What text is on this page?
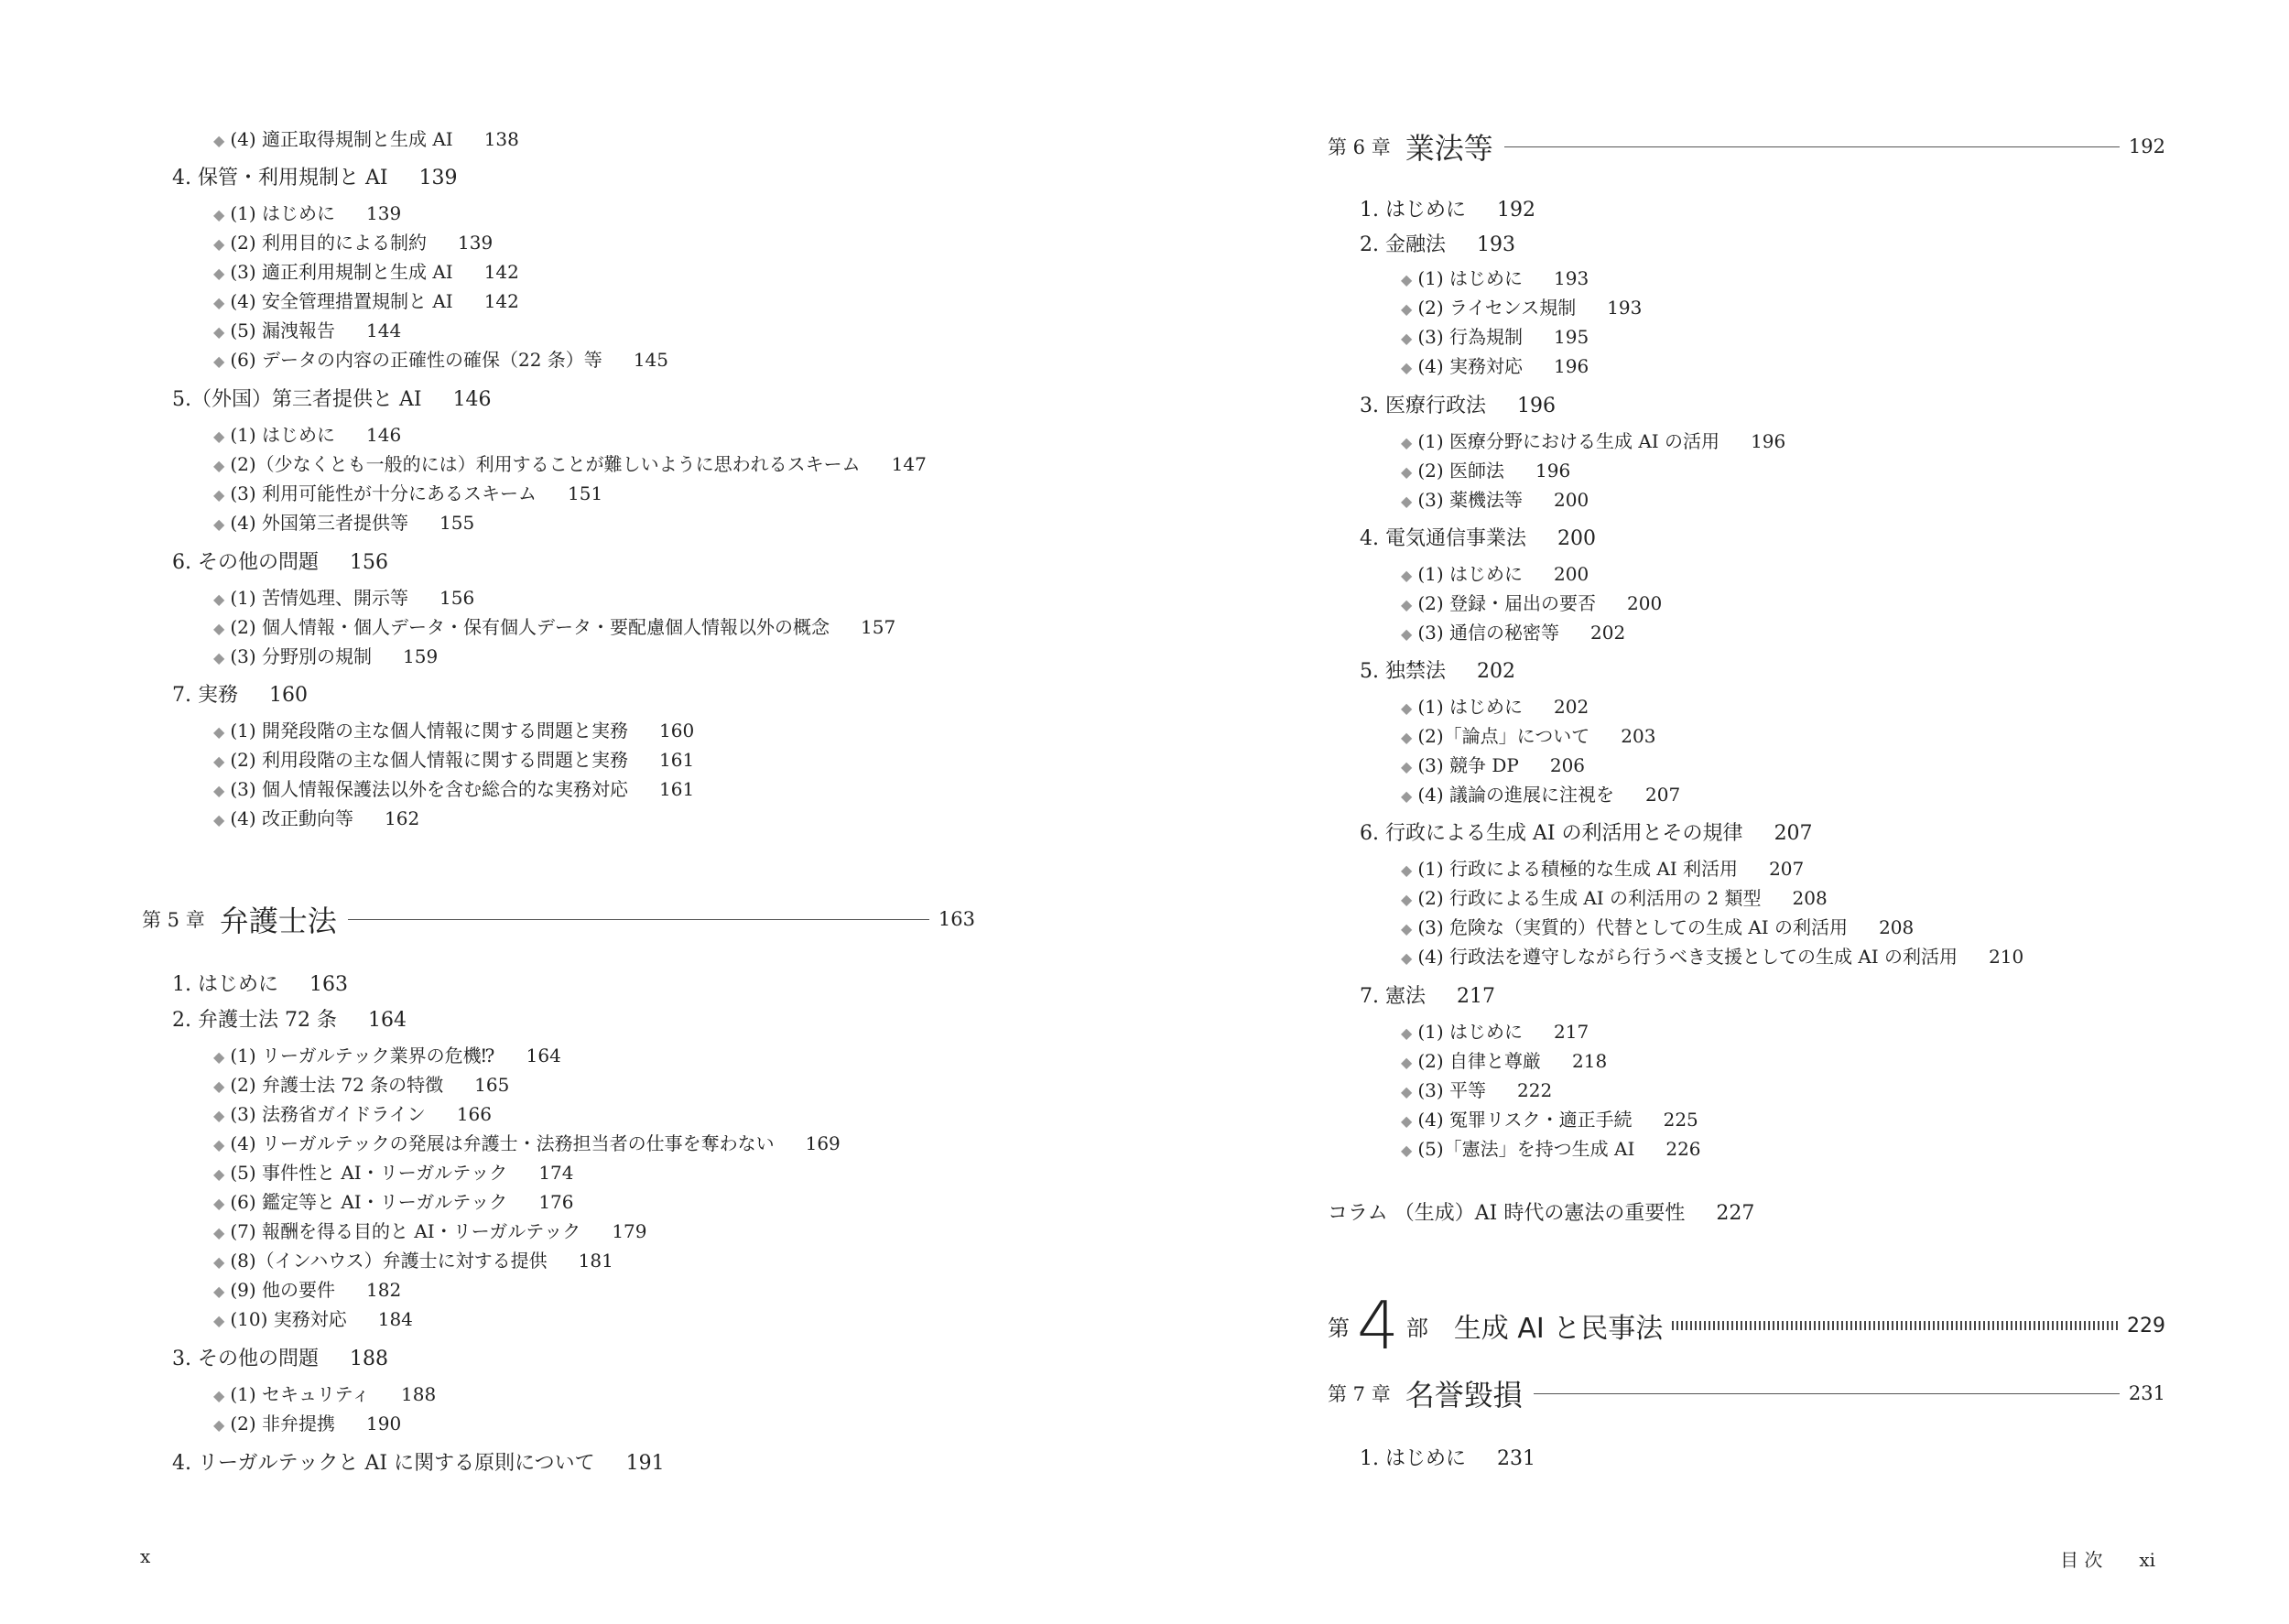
◆ (4) 適正取得規制と生成 AI 138
4. 保管・利用規制と AI 139
◆ (1) はじめに 139
◆ (2) 利用目的による制約 139
◆ (3) 適正利用規制と生成 AI 142
◆ (4) 安全管理措置規制と AI 142
◆ (5) 漏洩報告 144
◆ (6) データの内容の正確性の確保（22 条）等 145
5.（外国）第三者提供と AI 146
◆ (1) はじめに 146
◆ (2)（少なくとも一般的には）利用することが難しいように思われるスキーム 147
◆ (3) 利用可能性が十分にあるスキーム 151
◆ (4) 外国第三者提供等 155
6. その他の問題 156
◆ (1) 苦情処理、開示等 156
◆ (2) 個人情報・個人データ・保有個人データ・要配慮個人情報以外の概念 157
◆ (3) 分野別の規制 159
7. 実務 160
◆ (1) 開発段階の主な個人情報に関する問題と実務 160
◆ (2) 利用段階の主な個人情報に関する問題と実務 161
◆ (3) 個人情報保護法以外を含む総合的な実務対応 161
◆ (4) 改正動向等 162
第 5 章 弁護士法	163
1. はじめに 163
2. 弁護士法 72 条 164
◆ (1) リーガルテック業界の危機⁉ 164
◆ (2) 弁護士法 72 条の特徴 165
◆ (3) 法務省ガイドライン 166
◆ (4) リーガルテックの発展は弁護士・法務担当者の仕事を奪わない 169
◆ (5) 事件性と AI・リーガルテック 174
◆ (6) 鑑定等と AI・リーガルテック 176
◆ (7) 報酬を得る目的と AI・リーガルテック 179
◆ (8)（インハウス）弁護士に対する提供 181
◆ (9) 他の要件 182
◆ (10) 実務対応 184
3. その他の問題 188
◆ (1) セキュリティ 188
◆ (2) 非弁提携 190
4. リーガルテックと AI に関する原則について 191
x
第 6 章 業法等	192
1. はじめに 192
2. 金融法 193
◆ (1) はじめに 193
◆ (2) ライセンス規制 193
◆ (3) 行為規制 195
◆ (4) 実務対応 196
3. 医療行政法 196
◆ (1) 医療分野における生成 AI の活用 196
◆ (2) 医師法 196
◆ (3) 薬機法等 200
4. 電気通信事業法 200
◆ (1) はじめに 200
◆ (2) 登録・届出の要否 200
◆ (3) 通信の秘密等 202
5. 独禁法 202
◆ (1) はじめに 202
◆ (2)「論点」について 203
◆ (3) 競争 DP 206
◆ (4) 議論の進展に注視を 207
6. 行政による生成 AI の利活用とその規律 207
◆ (1) 行政による積極的な生成 AI 利活用 207
◆ (2) 行政による生成 AI の利活用の 2 類型 208
◆ (3) 危険な（実質的）代替としての生成 AI の利活用 208
◆ (4) 行政法を遵守しながら行うべき支援としての生成 AI の利活用 210
7. 憲法 217
◆ (1) はじめに 217
◆ (2) 自律と尊厳 218
◆ (3) 平等 222
◆ (4) 冤罪リスク・適正手続 225
◆ (5)「憲法」を持つ生成 AI 226
コラム （生成）AI 時代の憲法の重要性 227
第 4 部 生成 AI と民事法	229
第 7 章 名誉毀損	231
1. はじめに 231
目 次 xi
